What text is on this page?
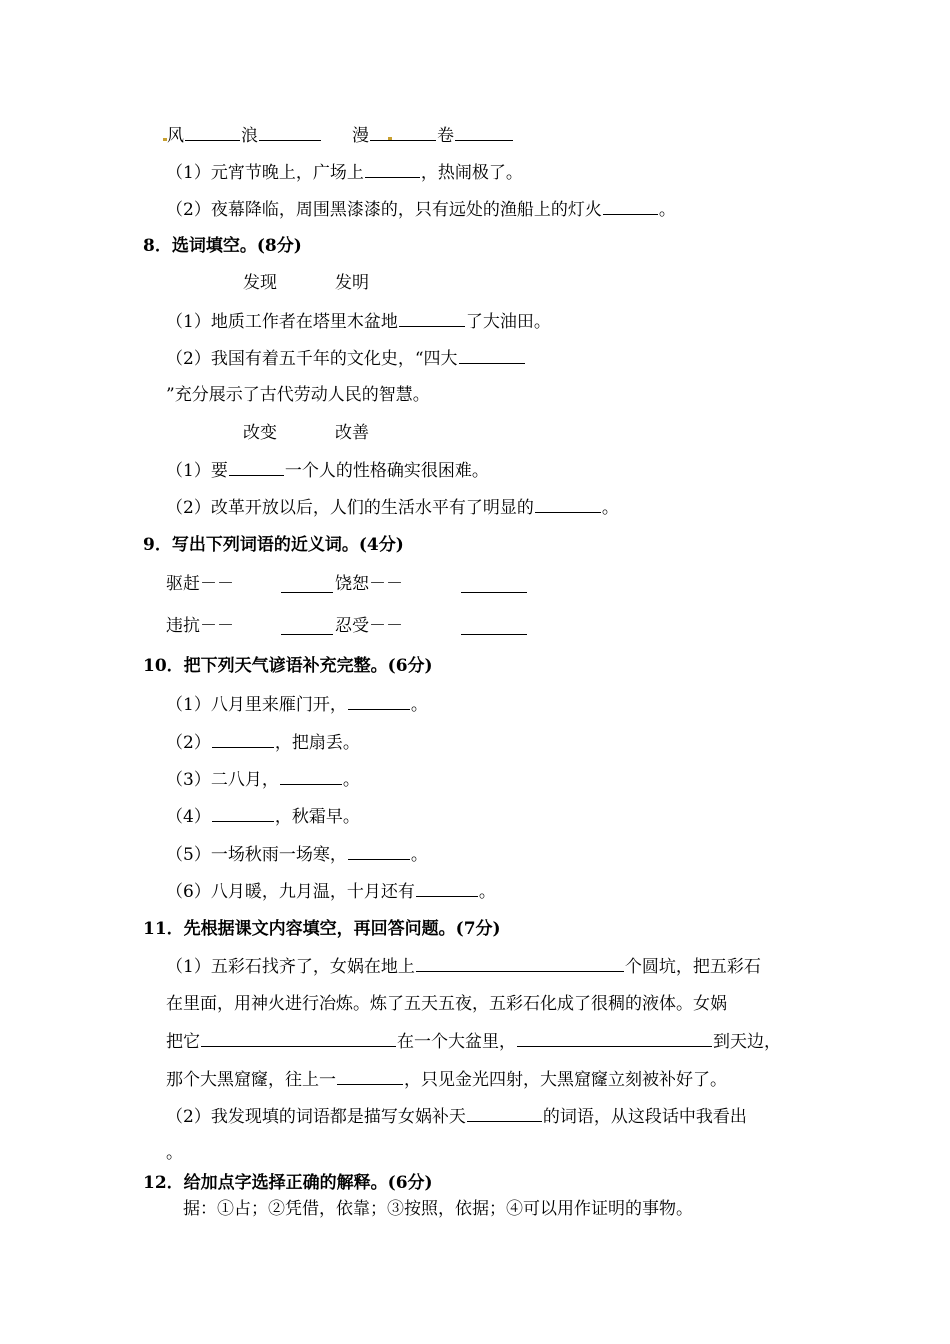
风	浪	漫	卷
（1）元宵节晚上，广场上	，热闹极了。
（2）夜幕降临，周围黑漆漆的，只有远处的渔船上的灯火	。
8．选词填空。(8分)
发现	发明
（1）地质工作者在塔里木盆地	了大油田。
（2）我国有着五千年的文化史，“四大
”充分展示了古代劳动人民的智慧。
改变	改善
（1）要	一个人的性格确实很困难。
（2）改革开放以后，人们的生活水平有了明显的	。
9．写出下列词语的近义词。(4分)
驱赶－－	饶恕－－
违抗－－	忍受－－
10．把下列天气谚语补充完整。(6分)
（1）八月里来雁门开，	。
（2）	，把扇丢。
（3）二八月，	。
（4）	，秋霜早。
（5）一场秋雨一场寒，	。
（6）八月暖，九月温，十月还有	。
11．先根据课文内容填空，再回答问题。(7分)
（1）五彩石找齐了，女娲在地上	个圆坑，把五彩石
在里面，用神火进行冶炼。炼了五天五夜，五彩石化成了很稠的液体。女娲
把它	在一个大盆里，	到天边，
那个大黑窟窿，往上一	，只见金光四射，大黑窟窿立刻被补好了。
（2）我发现填的词语都是描写女娲补天	的词语，从这段话中我看出
。
12．给加点字选择正确的解释。(6分)
据：①占；②凭借，依靠；③按照，依据；④可以用作证明的事物。
